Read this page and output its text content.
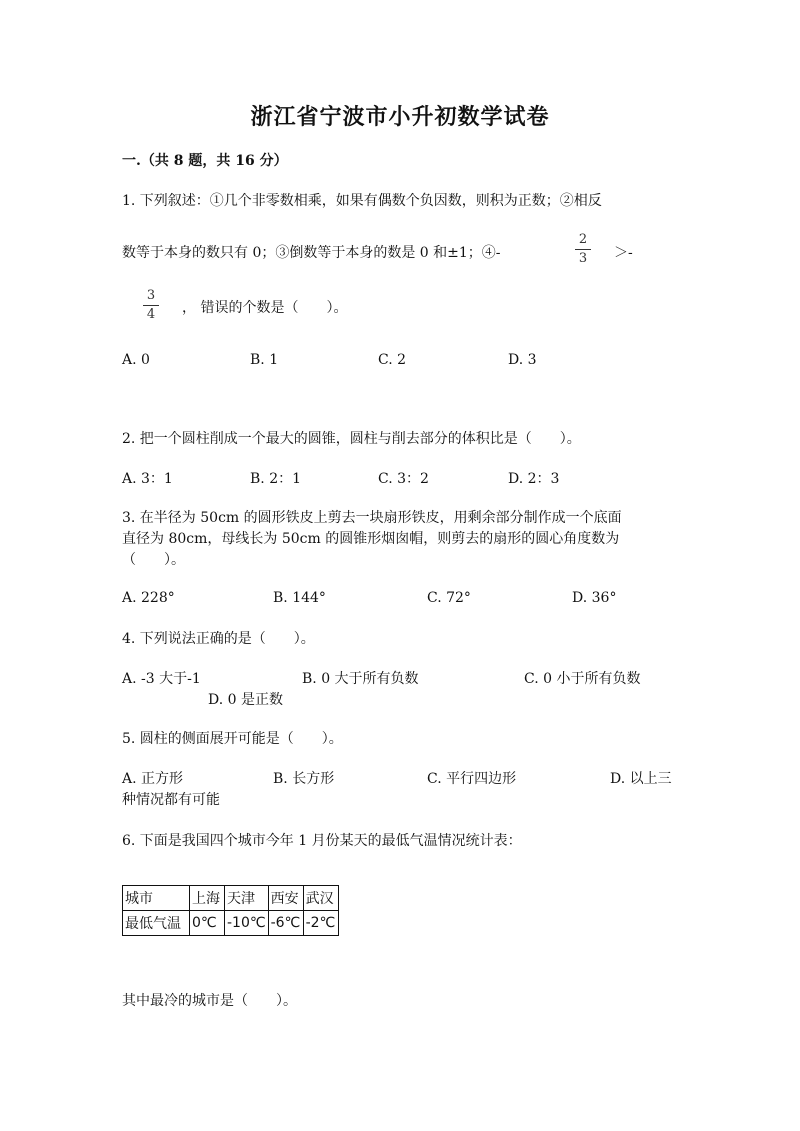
浙江省宁波市小升初数学试卷
一.（共 8 题，共 16 分）
1. 下列叙述：①几个非零数相乘，如果有偶数个负因数，则积为正数；②相反
数等于本身的数只有 0；③倒数等于本身的数是 0 和±1；④-
2
3 ＞-
3
4 ， 错误的个数是（　　）。
A. 0	B. 1	C. 2	D. 3
2. 把一个圆柱削成一个最大的圆锥，圆柱与削去部分的体积比是（　　）。
A. 3：1	B. 2：1	C. 3：2	D. 2：3
3. 在半径为 50cm 的圆形铁皮上剪去一块扇形铁皮，用剩余部分制作成一个底面
直径为 80cm，母线长为 50cm 的圆锥形烟囱帽，则剪去的扇形的圆心角度数为
（　　）。
A. 228°	B. 144°	C. 72°	D. 36°
4. 下列说法正确的是（　　）。
A. -3 大于-1	B. 0 大于所有负数	C. 0 小于所有负数
D. 0 是正数
5. 圆柱的侧面展开可能是（　　）。
A. 正方形	B. 长方形	C. 平行四边形	D. 以上三
种情况都有可能
6. 下面是我国四个城市今年 1 月份某天的最低气温情况统计表：
城市	上海	天津	西安	武汉
最低气温	0℃	-10℃	-6℃	-2℃
其中最冷的城市是（　　）。
